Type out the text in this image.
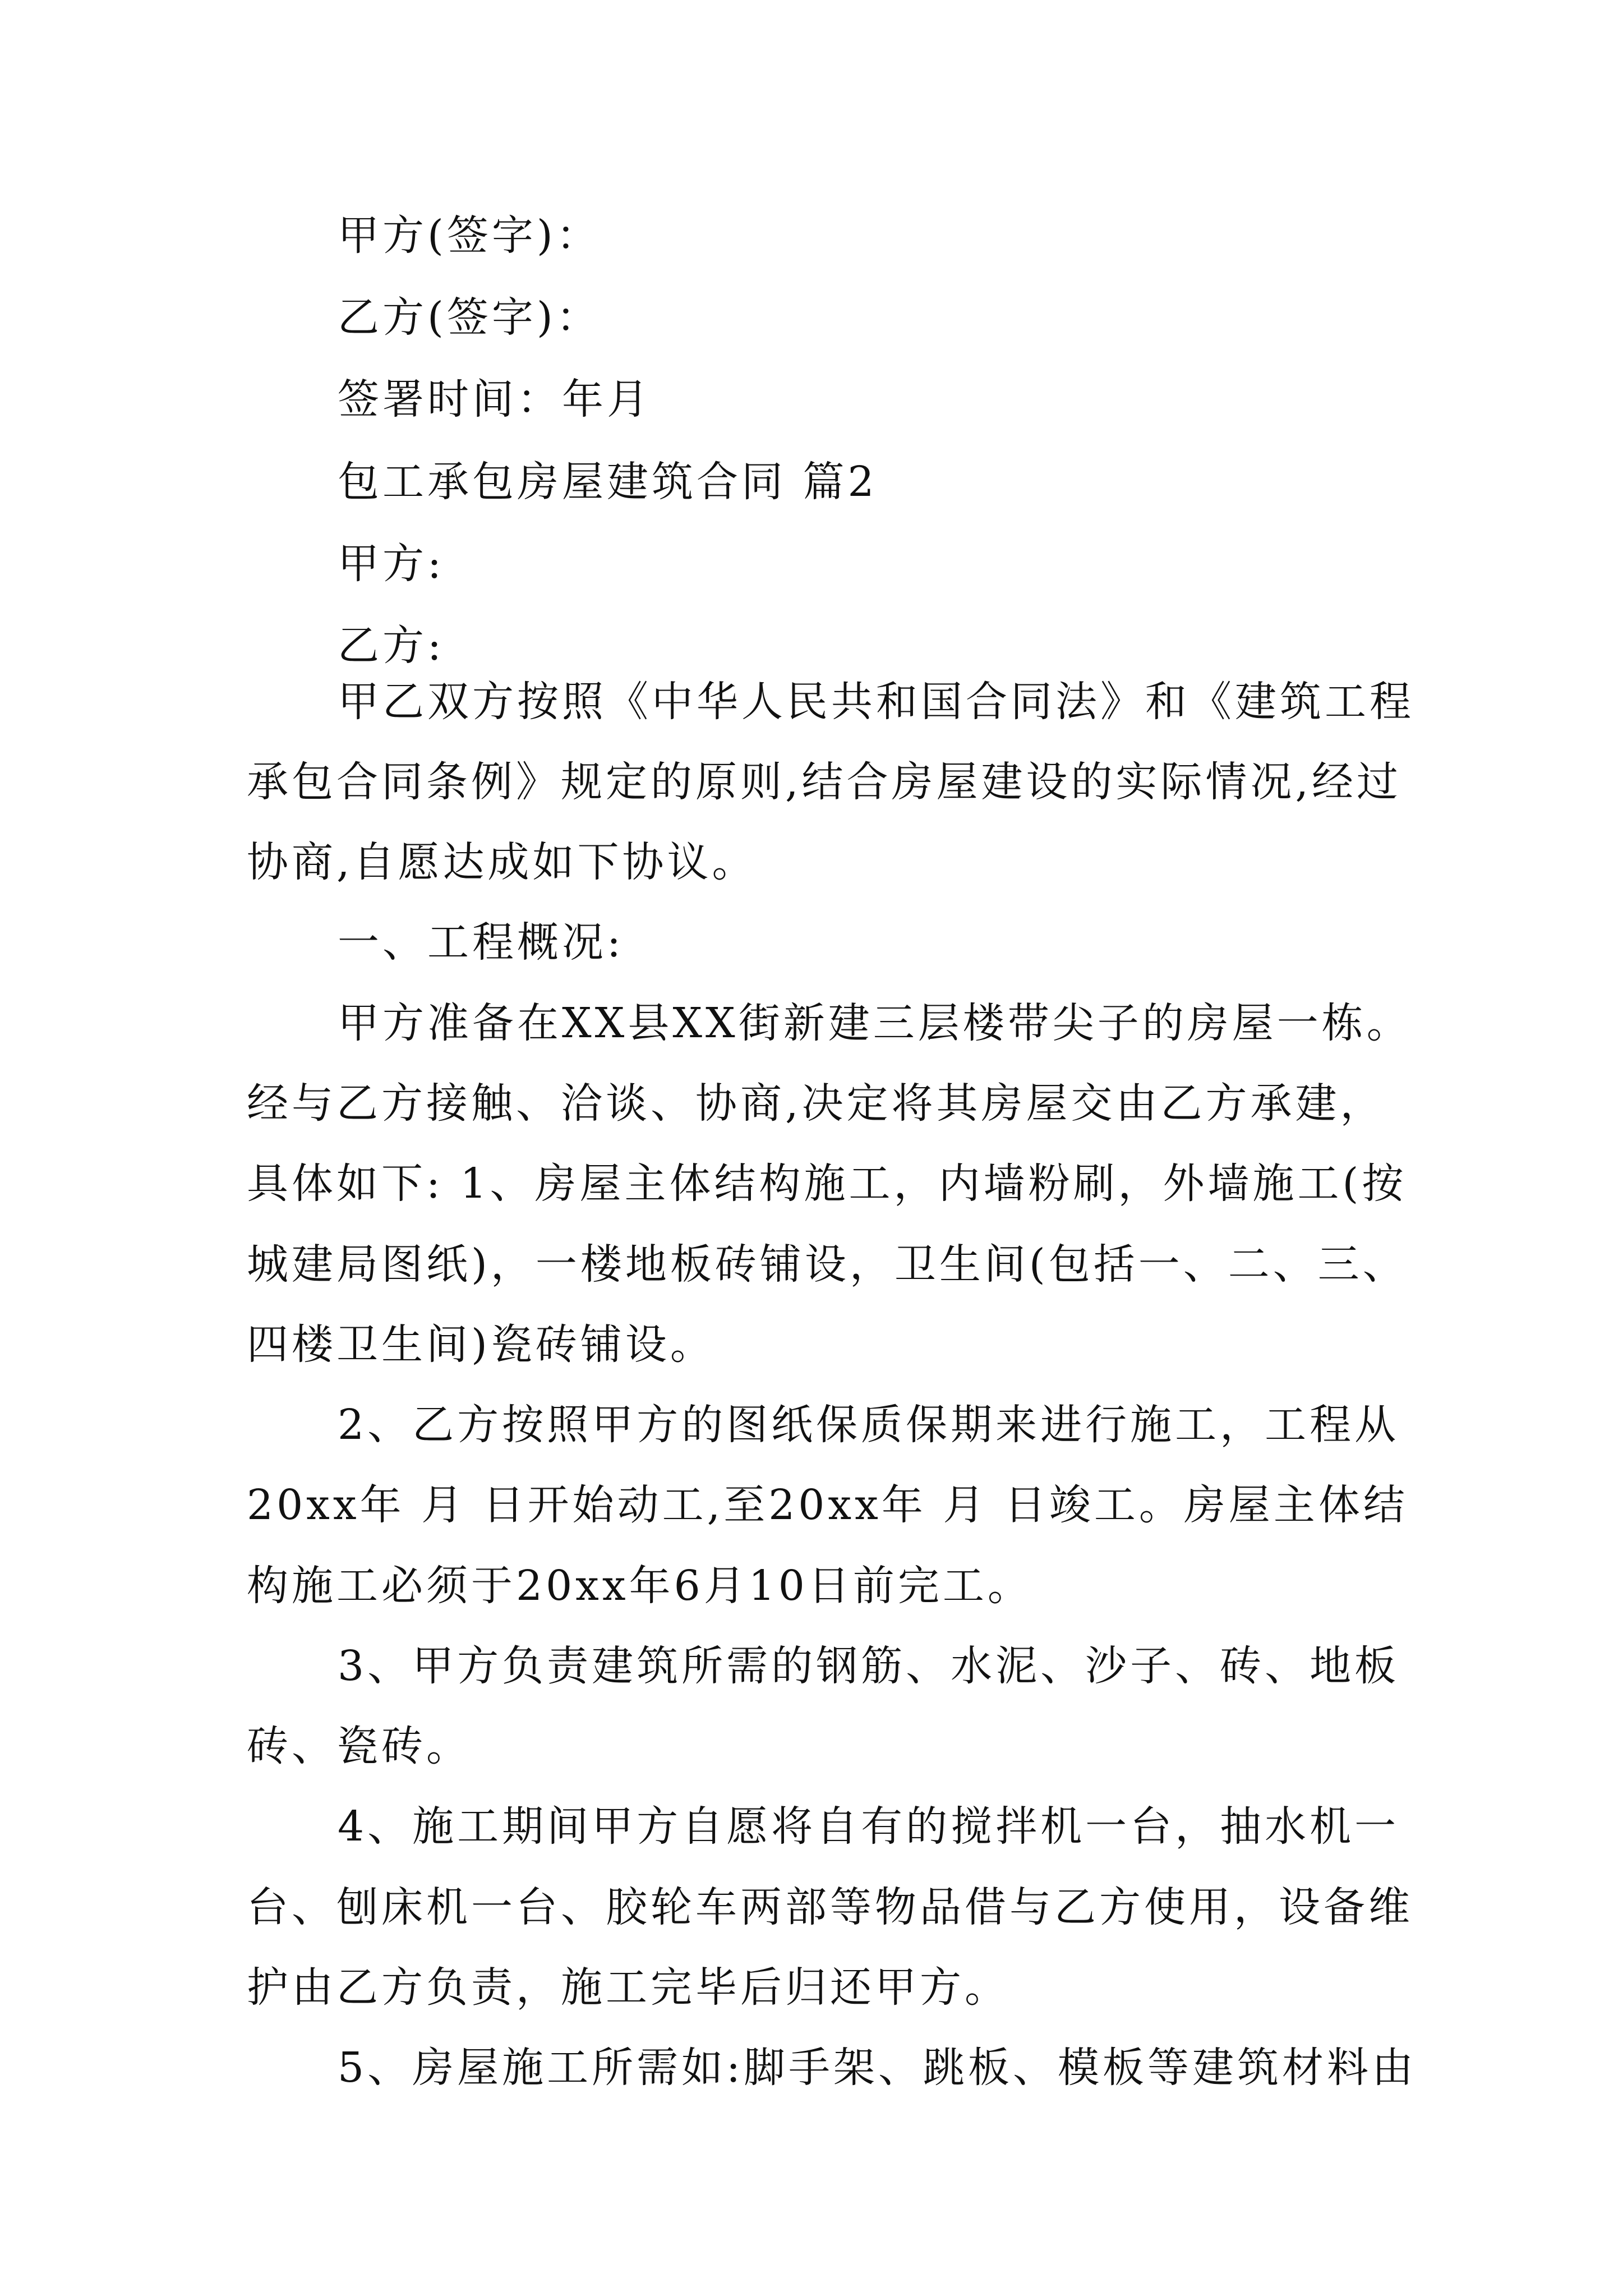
甲方(签字)：
乙方(签字)：
签署时间：年月
包工承包房屋建筑合同 篇2
甲方:
乙方:
甲乙双方按照《中华人民共和国合同法》和《建筑工程
承包合同条例》规定的原则,结合房屋建设的实际情况,经过
协商,自愿达成如下协议。
一、工程概况:
甲方准备在XX县XX街新建三层楼带尖子的房屋一栋。
经与乙方接触、洽谈、协商,决定将其房屋交由乙方承建，
具体如下: 1、房屋主体结构施工，内墙粉刷，外墙施工(按
城建局图纸)，一楼地板砖铺设，卫生间(包括一、二、三、
四楼卫生间)瓷砖铺设。
2、乙方按照甲方的图纸保质保期来进行施工，工程从
20xx年 月 日开始动工,至20xx年 月 日竣工。房屋主体结
构施工必须于20xx年6月10日前完工。
3、甲方负责建筑所需的钢筋、水泥、沙子、砖、地板
砖、瓷砖。
4、施工期间甲方自愿将自有的搅拌机一台，抽水机一
台、刨床机一台、胶轮车两部等物品借与乙方使用，设备维
护由乙方负责，施工完毕后归还甲方。
5、房屋施工所需如:脚手架、跳板、模板等建筑材料由
